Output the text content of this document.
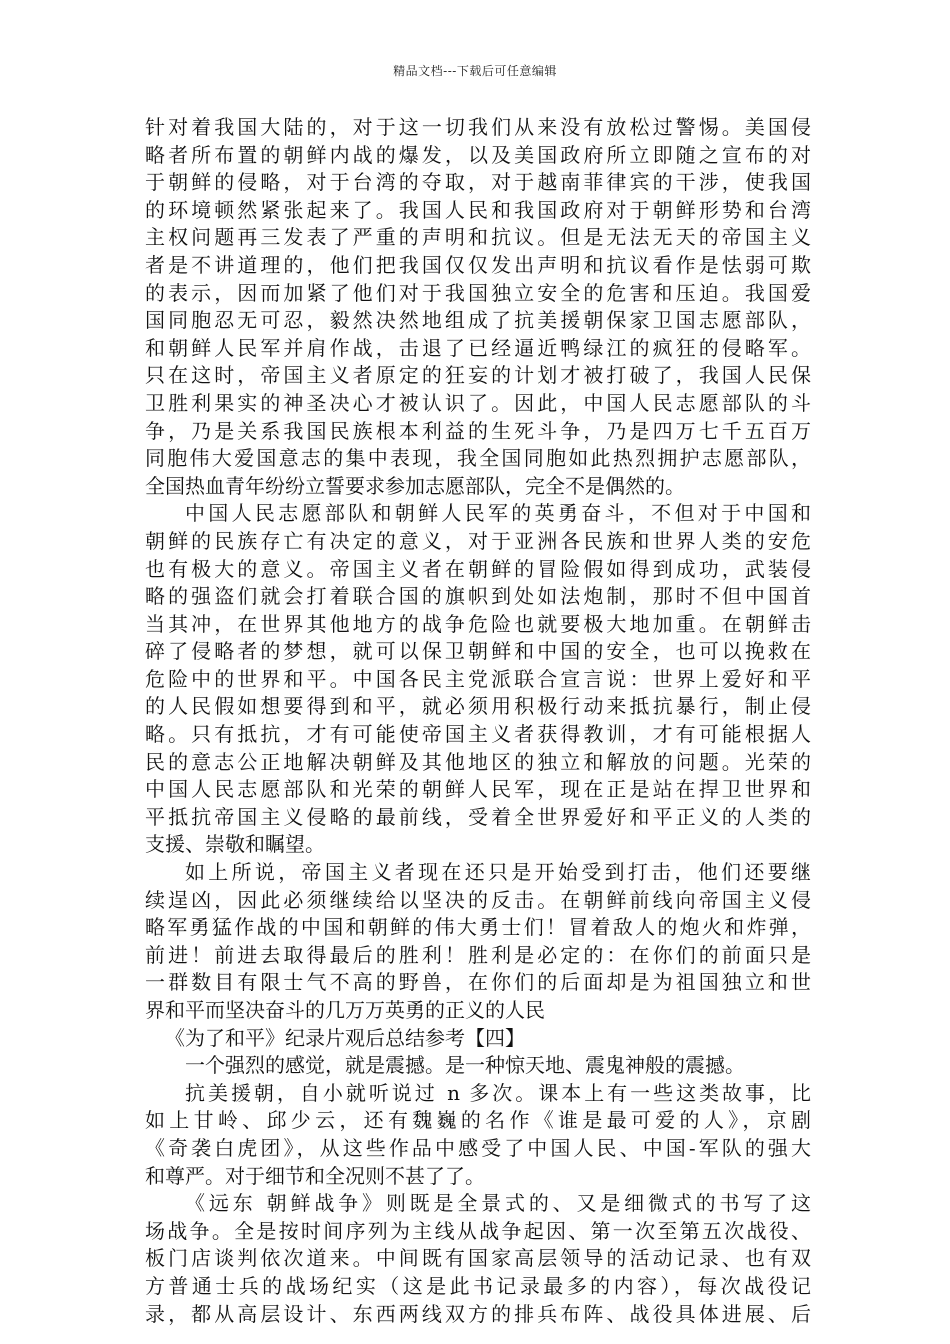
精品文档---下载后可任意编辑
针对着我国大陆的，对于这一切我们从来没有放松过警惕。美国侵
略者所布置的朝鲜内战的爆发，以及美国政府所立即随之宣布的对
于朝鲜的侵略，对于台湾的夺取，对于越南菲律宾的干涉，使我国
的环境顿然紧张起来了。我国人民和我国政府对于朝鲜形势和台湾
主权问题再三发表了严重的声明和抗议。但是无法无天的帝国主义
者是不讲道理的，他们把我国仅仅发出声明和抗议看作是怯弱可欺
的表示，因而加紧了他们对于我国独立安全的危害和压迫。我国爱
国同胞忍无可忍，毅然决然地组成了抗美援朝保家卫国志愿部队，
和朝鲜人民军并肩作战，击退了已经逼近鸭绿江的疯狂的侵略军。
只在这时，帝国主义者原定的狂妄的计划才被打破了，我国人民保
卫胜利果实的神圣决心才被认识了。因此，中国人民志愿部队的斗
争，乃是关系我国民族根本利益的生死斗争，乃是四万七千五百万
同胞伟大爱国意志的集中表现，我全国同胞如此热烈拥护志愿部队，
全国热血青年纷纷立誓要求参加志愿部队，完全不是偶然的。
中国人民志愿部队和朝鲜人民军的英勇奋斗，不但对于中国和
朝鲜的民族存亡有决定的意义，对于亚洲各民族和世界人类的安危
也有极大的意义。帝国主义者在朝鲜的冒险假如得到成功，武装侵
略的强盗们就会打着联合国的旗帜到处如法炮制，那时不但中国首
当其冲，在世界其他地方的战争危险也就要极大地加重。在朝鲜击
碎了侵略者的梦想，就可以保卫朝鲜和中国的安全，也可以挽救在
危险中的世界和平。中国各民主党派联合宣言说：世界上爱好和平
的人民假如想要得到和平，就必须用积极行动来抵抗暴行，制止侵
略。只有抵抗，才有可能使帝国主义者获得教训，才有可能根据人
民的意志公正地解决朝鲜及其他地区的独立和解放的问题。光荣的
中国人民志愿部队和光荣的朝鲜人民军，现在正是站在捍卫世界和
平抵抗帝国主义侵略的最前线，受着全世界爱好和平正义的人类的
支援、崇敬和瞩望。
如上所说，帝国主义者现在还只是开始受到打击，他们还要继
续逞凶，因此必须继续给以坚决的反击。在朝鲜前线向帝国主义侵
略军勇猛作战的中国和朝鲜的伟大勇士们！冒着敌人的炮火和炸弹，
前进！前进去取得最后的胜利！胜利是必定的：在你们的前面只是
一群数目有限士气不高的野兽，在你们的后面却是为祖国独立和世
界和平而坚决奋斗的几万万英勇的正义的人民
《为了和平》纪录片观后总结参考【四】
一个强烈的感觉，就是震撼。是一种惊天地、震鬼神般的震撼。
抗美援朝，自小就听说过 n 多次。课本上有一些这类故事，比
如上甘岭、邱少云，还有魏巍的名作《谁是最可爱的人》，京剧
《奇袭白虎团》，从这些作品中感受了中国人民、中国-军队的强大
和尊严。对于细节和全况则不甚了了。
《远东 朝鲜战争》则既是全景式的、又是细微式的书写了这
场战争。全是按时间序列为主线从战争起因、第一次至第五次战役、
板门店谈判依次道来。中间既有国家高层领导的活动记录、也有双
方普通士兵的战场纪实（这是此书记录最多的内容），每次战役记
录，都从高层设计、东西两线双方的排兵布阵、战役具体进展、后
